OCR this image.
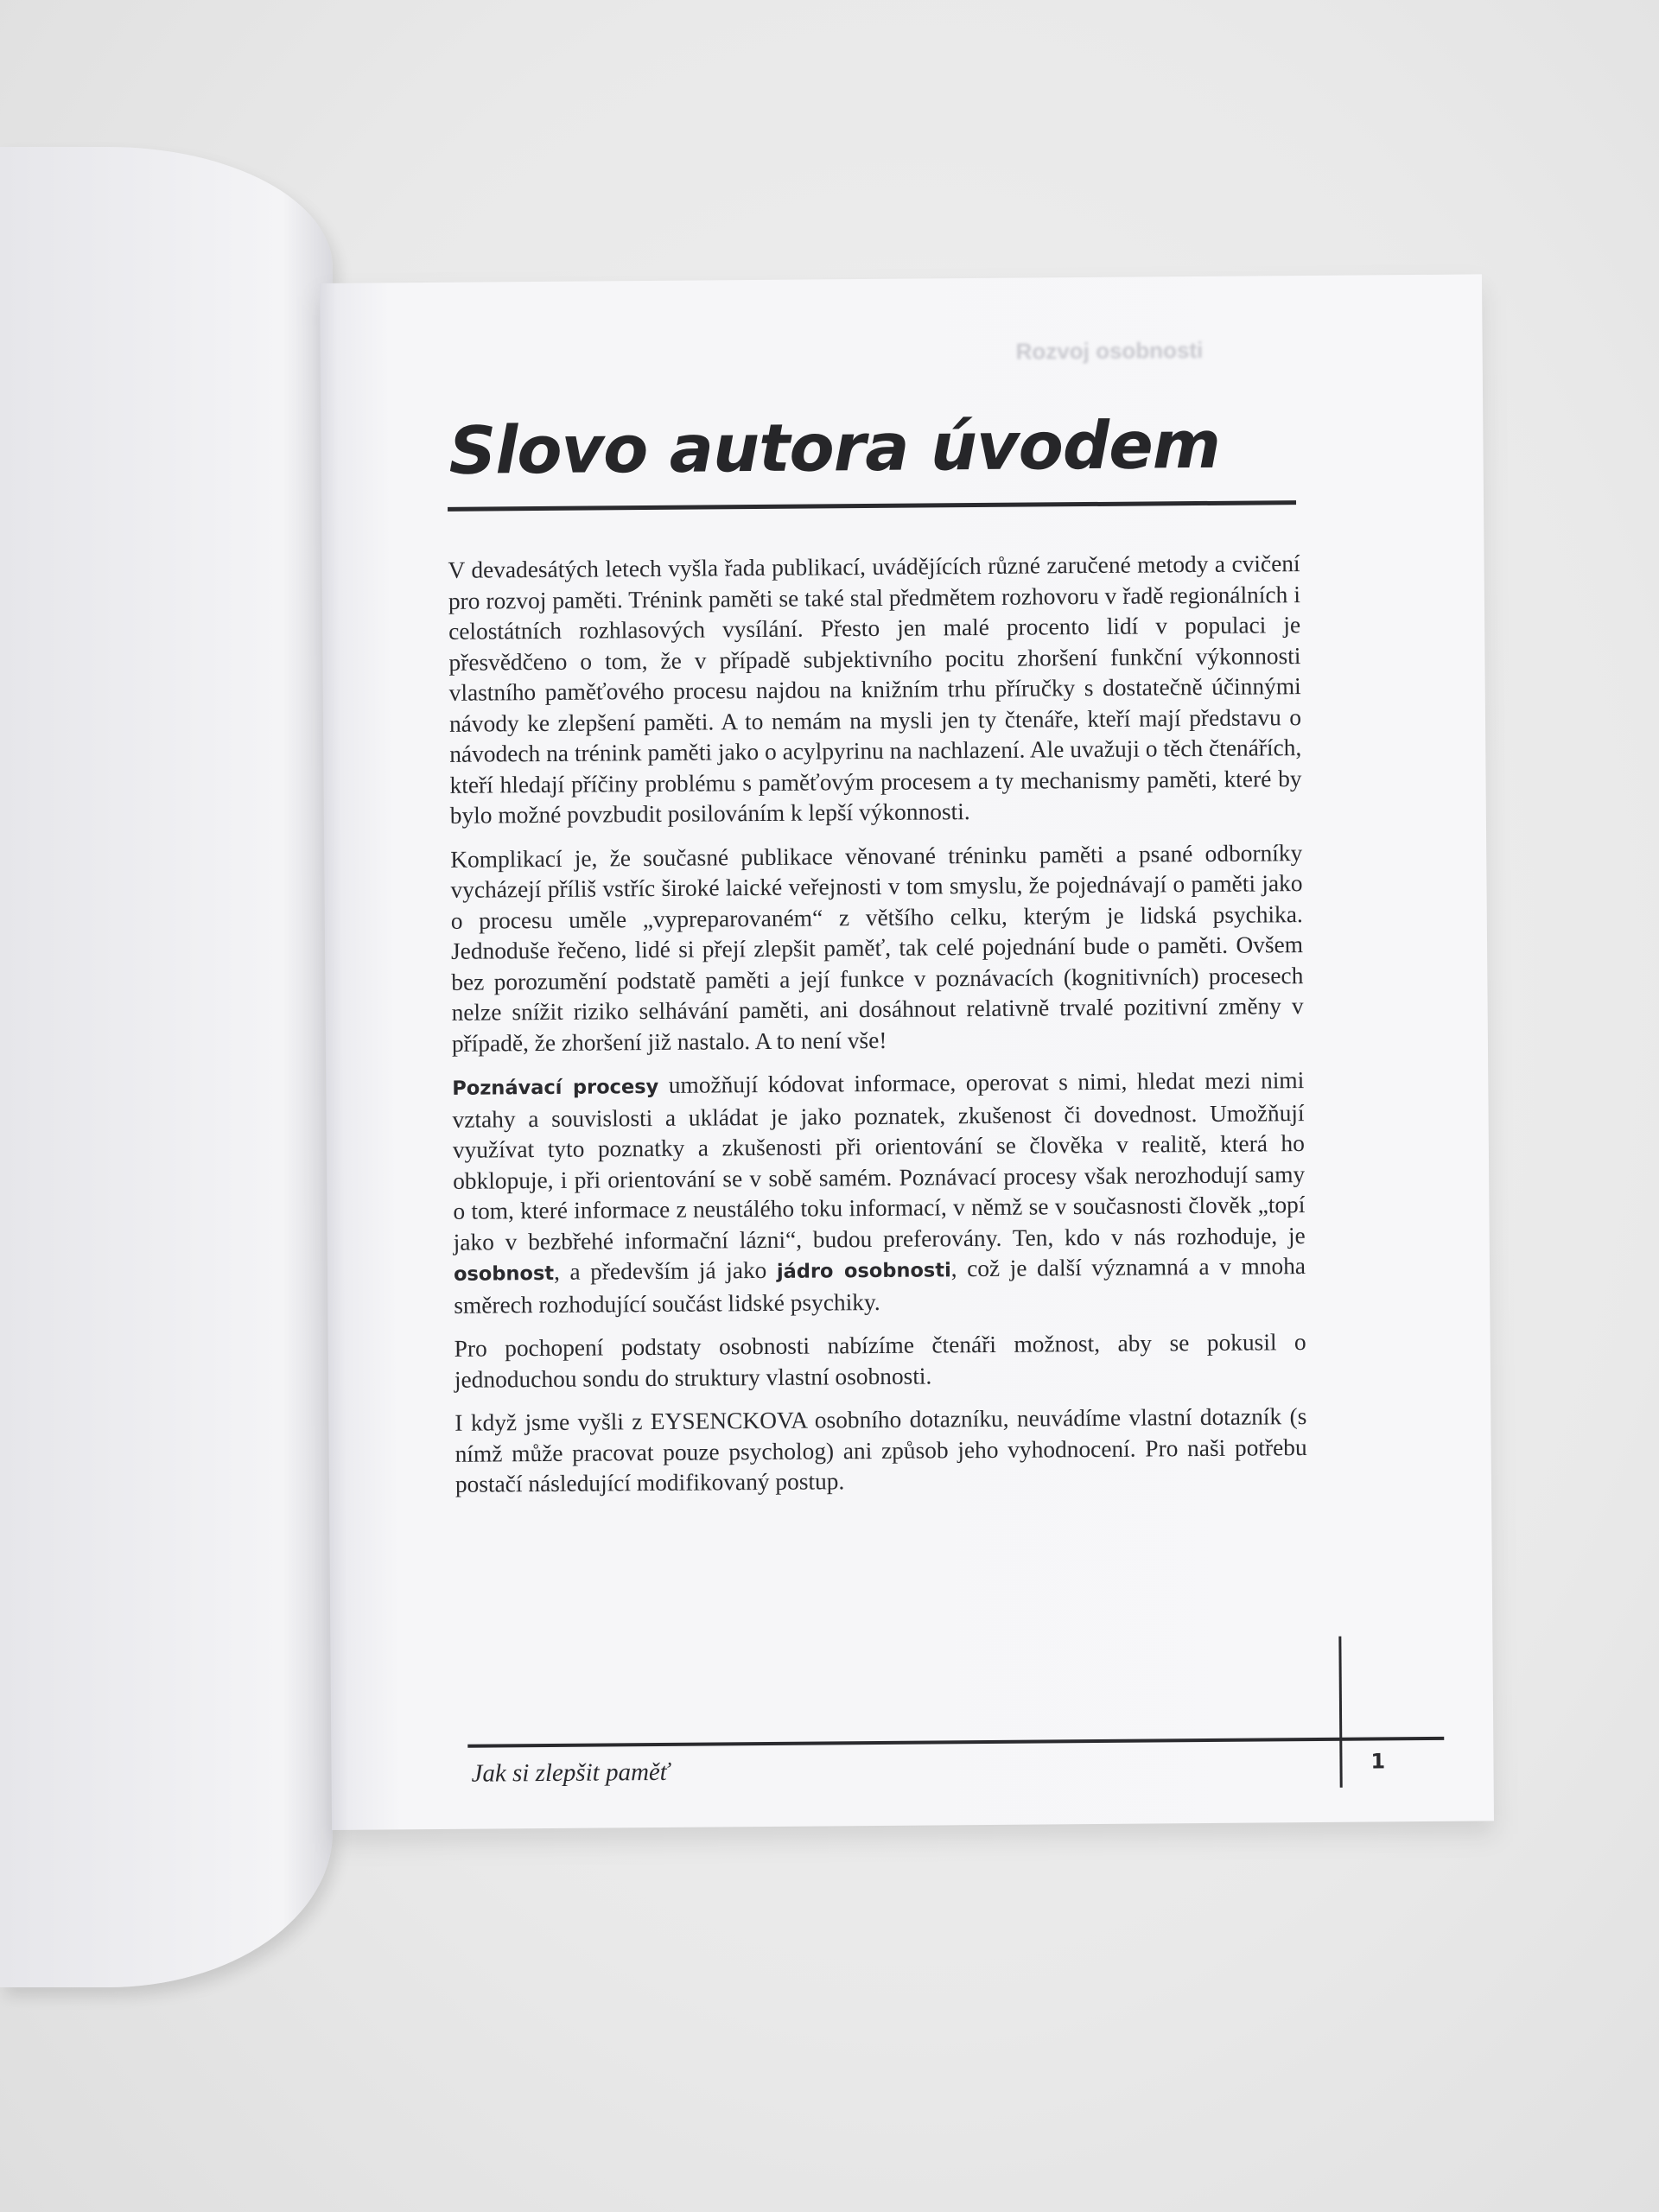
Rozvoj osobnosti
Slovo autora úvodem

V devadesátých letech vyšla řada publikací, uvádějících různé zaručené metody a cvičení pro rozvoj paměti. Trénink paměti se také stal předmětem rozhovoru v řadě regionálních i celostátních rozhlasových vysílání. Přesto jen malé procento lidí v populaci je přesvědčeno o tom, že v případě subjektivního pocitu zhoršení funkční výkonnosti vlastního paměťového procesu najdou na knižním trhu příručky s dostatečně účinnými návody ke zlepšení paměti. A to nemám na mysli jen ty čtenáře, kteří mají představu o návodech na trénink paměti jako o acylpyrinu na nachlazení. Ale uvažuji o těch čtenářích, kteří hledají příčiny problému s paměťovým procesem a ty mechanismy paměti, které by bylo možné povzbudit posilováním k lepší výkonnosti.

Komplikací je, že současné publikace věnované tréninku paměti a psané odborníky vycházejí příliš vstříc široké laické veřejnosti v tom smyslu, že pojednávají o paměti jako o procesu uměle „vypreparovaném“ z většího celku, kterým je lidská psychika. Jednoduše řečeno, lidé si přejí zlepšit paměť, tak celé pojednání bude o paměti. Ovšem bez porozumění podstatě paměti a její funkce v poznávacích (kognitivních) procesech nelze snížit riziko selhávání paměti, ani dosáhnout relativně trvalé pozitivní změny v případě, že zhoršení již nastalo. A to není vše!

Poznávací procesy umožňují kódovat informace, operovat s nimi, hledat mezi nimi vztahy a souvislosti a ukládat je jako poznatek, zkušenost či dovednost. Umožňují využívat tyto poznatky a zkušenosti při orientování se člověka v realitě, která ho obklopuje, i při orientování se v sobě samém. Poznávací procesy však nerozhodují samy o tom, které informace z neustálého toku informací, v němž se v současnosti člověk „topí jako v bezbřehé informační lázni“, budou preferovány. Ten, kdo v nás rozhoduje, je osobnost, a především já jako jádro osobnosti, což je další významná a v mnoha směrech rozhodující součást lidské psychiky.

Pro pochopení podstaty osobnosti nabízíme čtenáři možnost, aby se pokusil o jednoduchou sondu do struktury vlastní osobnosti.

I když jsme vyšli z EYSENCKOVA osobního dotazníku, neuvádíme vlastní dotazník (s nímž může pracovat pouze psycholog) ani způsob jeho vyhodnocení. Pro naši potřebu postačí následující modifikovaný postup.

Jak si zlepšit paměť	1
